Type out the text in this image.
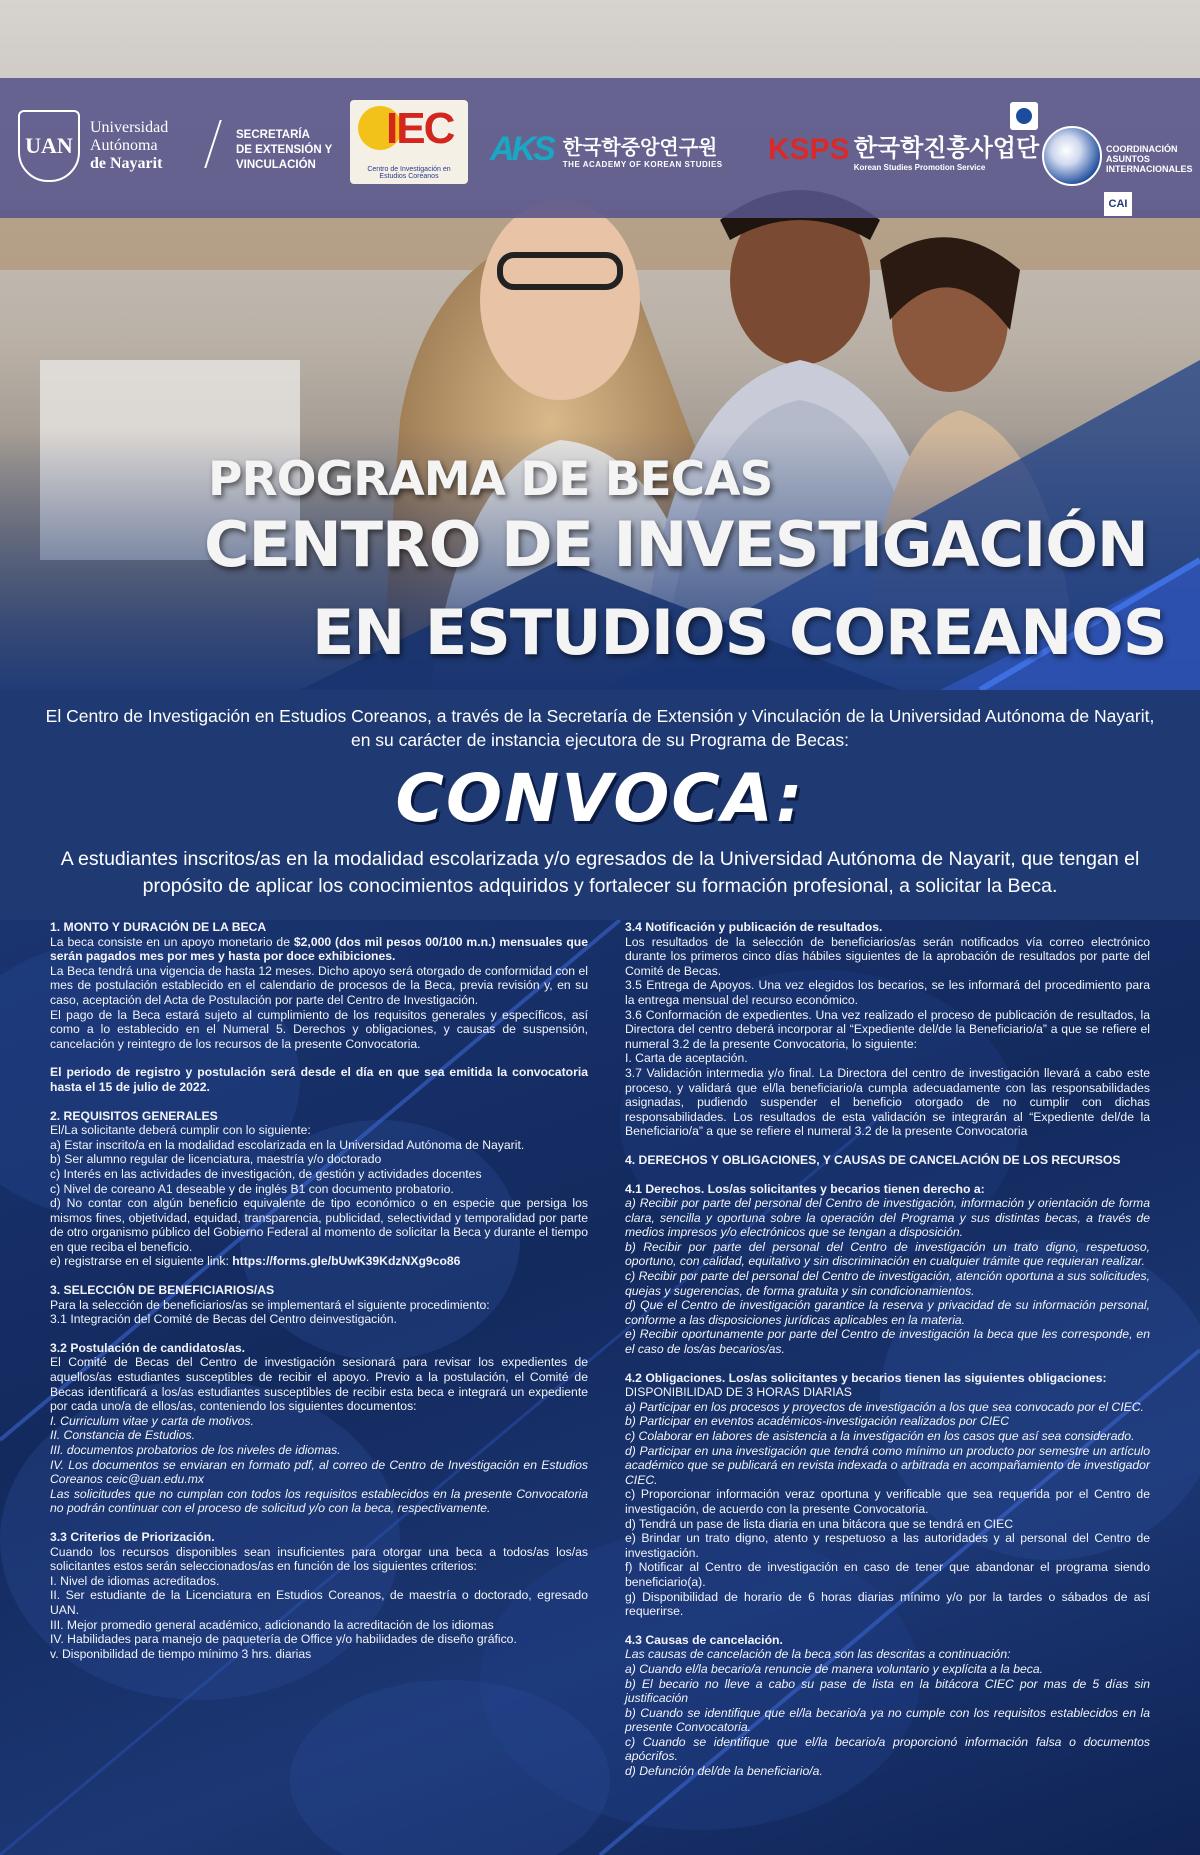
UAN
Universidad
Autónoma
de Nayarit
SECRETARÍA
DE EXTENSIÓN Y
VINCULACIÓN
IEC
Centro de Investigación en Estudios Coreanos
AKS 한국학중앙연구원
THE ACADEMY OF KOREAN STUDIES KSPS 한국학진흥사업단
Korean Studies Promotion Service
COORDINACIÓN
ASUNTOS
INTERNACIONALES
CAI
PROGRAMA DE BECAS
CENTRO DE INVESTIGACIÓN
EN ESTUDIOS COREANOS
El Centro de Investigación en Estudios Coreanos, a través de la Secretaría de Extensión y Vinculación de la Universidad Autónoma de Nayarit, en su carácter de instancia ejecutora de su Programa de Becas:
CONVOCA:
A estudiantes inscritos/as en la modalidad escolarizada y/o egresados de la Universidad Autónoma de Nayarit, que tengan el propósito de aplicar los conocimientos adquiridos y fortalecer su formación profesional, a solicitar la Beca.

1. MONTO Y DURACIÓN DE LA BECA

La beca consiste en un apoyo monetario de $2,000 (dos mil pesos 00/100 m.n.) mensuales que serán pagados mes por mes y hasta por doce exhibiciones.

La Beca tendrá una vigencia de hasta 12 meses. Dicho apoyo será otorgado de conformidad con el mes de postulación establecido en el calendario de procesos de la Beca, previa revisión y, en su caso, aceptación del Acta de Postulación por parte del Centro de Investigación.

El pago de la Beca estará sujeto al cumplimiento de los requisitos generales y específicos, así como a lo establecido en el Numeral 5. Derechos y obligaciones, y causas de suspensión, cancelación y reintegro de los recursos de la presente Convocatoria.

El periodo de registro y postulación será desde el día en que sea emitida la convocatoria hasta el 15 de julio de 2022.

2. REQUISITOS GENERALES

El/La solicitante deberá cumplir con lo siguiente:

a) Estar inscrito/a en la modalidad escolarizada en la Universidad Autónoma de Nayarit.

b) Ser alumno regular de licenciatura, maestría y/o doctorado

c) Interés en las actividades de investigación, de gestión y actividades docentes

c) Nivel de coreano A1 deseable y de inglés B1 con documento probatorio.

d) No contar con algún beneficio equivalente de tipo económico o en especie que persiga los mismos fines, objetividad, equidad, transparencia, publicidad, selectividad y temporalidad por parte de otro organismo público del Gobierno Federal al momento de solicitar la Beca y durante el tiempo en que reciba el beneficio.

e) registrarse en el siguiente link: https://forms.gle/bUwK39KdzNXg9co86

3. SELECCIÓN DE BENEFICIARIOS/AS

Para la selección de beneficiarios/as se implementará el siguiente procedimiento:

3.1 Integración del Comité de Becas del Centro deinvestigación.

3.2 Postulación de candidatos/as.

El Comité de Becas del Centro de investigación sesionará para revisar los expedientes de aquellos/as estudiantes susceptibles de recibir el apoyo. Previo a la postulación, el Comité de Becas identificará a los/as estudiantes susceptibles de recibir esta beca e integrará un expediente por cada uno/a de ellos/as, conteniendo los siguientes documentos:

I. Curriculum vitae y carta de motivos.

II. Constancia de Estudios.

III. documentos probatorios de los niveles de idiomas.

IV. Los documentos se enviaran en formato pdf, al correo de Centro de Investigación en Estudios Coreanos ceic@uan.edu.mx

Las solicitudes que no cumplan con todos los requisitos establecidos en la presente Convocatoria no podrán continuar con el proceso de solicitud y/o con la beca, respectivamente.

3.3 Criterios de Priorización.

Cuando los recursos disponibles sean insuficientes para otorgar una beca a todos/as los/as solicitantes estos serán seleccionados/as en función de los siguientes criterios:

I. Nivel de idiomas acreditados.

II. Ser estudiante de la Licenciatura en Estudios Coreanos, de maestría o doctorado, egresado UAN.

III. Mejor promedio general académico, adicionando la acreditación de los idiomas

IV. Habilidades para manejo de paquetería de Office y/o habilidades de diseño gráfico.

v. Disponibilidad de tiempo mínimo 3 hrs. diarias

3.4 Notificación y publicación de resultados.

Los resultados de la selección de beneficiarios/as serán notificados vía correo electrónico durante los primeros cinco días hábiles siguientes de la aprobación de resultados por parte del Comité de Becas.

3.5 Entrega de Apoyos. Una vez elegidos los becarios, se les informará del procedimiento para la entrega mensual del recurso económico.

3.6 Conformación de expedientes. Una vez realizado el proceso de publicación de resultados, la Directora del centro deberá incorporar al “Expediente del/de la Beneficiario/a” a que se refiere el numeral 3.2 de la presente Convocatoria, lo siguiente:

I. Carta de aceptación.

3.7 Validación intermedia y/o final. La Directora del centro de investigación llevará a cabo este proceso, y validará que el/la beneficiario/a cumpla adecuadamente con las responsabilidades asignadas, pudiendo suspender el beneficio otorgado de no cumplir con dichas responsabilidades. Los resultados de esta validación se integrarán al “Expediente del/de la Beneficiario/a” a que se refiere el numeral 3.2 de la presente Convocatoria

4. DERECHOS Y OBLIGACIONES, Y CAUSAS DE CANCELACIÓN DE LOS RECURSOS

4.1 Derechos. Los/as solicitantes y becarios tienen derecho a:

a) Recibir por parte del personal del Centro de investigación, información y orientación de forma clara, sencilla y oportuna sobre la operación del Programa y sus distintas becas, a través de medios impresos y/o electrónicos que se tengan a disposición.

b) Recibir por parte del personal del Centro de investigación un trato digno, respetuoso, oportuno, con calidad, equitativo y sin discriminación en cualquier trámite que requieran realizar.

c) Recibir por parte del personal del Centro de investigación, atención oportuna a sus solicitudes, quejas y sugerencias, de forma gratuita y sin condicionamientos.

d) Que el Centro de investigación garantice la reserva y privacidad de su información personal, conforme a las disposiciones jurídicas aplicables en la materia.

e) Recibir oportunamente por parte del Centro de investigación la beca que les corresponde, en el caso de los/as becarios/as.

4.2 Obligaciones. Los/as solicitantes y becarios tienen las siguientes obligaciones:

DISPONIBILIDAD DE 3 HORAS DIARIAS

a) Participar en los procesos y proyectos de investigación a los que sea convocado por el CIEC.

b) Participar en eventos académicos-investigación realizados por CIEC

c) Colaborar en labores de asistencia a la investigación en los casos que así sea considerado.

d) Participar en una investigación que tendrá como mínimo un producto por semestre un artículo académico que se publicará en revista indexada o arbitrada en acompañamiento de investigador CIEC.

c) Proporcionar información veraz oportuna y verificable que sea requerida por el Centro de investigación, de acuerdo con la presente Convocatoria.

d) Tendrá un pase de lista diaria en una bitácora que se tendrá en CIEC

e) Brindar un trato digno, atento y respetuoso a las autoridades y al personal del Centro de investigación.

f) Notificar al Centro de investigación en caso de tener que abandonar el programa siendo beneficiario(a).

g) Disponibilidad de horario de 6 horas diarias mínimo y/o por la tardes o sábados de así requerirse.

4.3 Causas de cancelación.

Las causas de cancelación de la beca son las descritas a continuación:

a) Cuando el/la becario/a renuncie de manera voluntario y explícita a la beca.

b) El becario no lleve a cabo su pase de lista en la bitácora CIEC por mas de 5 días sin justificación

b) Cuando se identifique que el/la becario/a ya no cumple con los requisitos establecidos en la presente Convocatoria.

c) Cuando se identifique que el/la becario/a proporcionó información falsa o documentos apócrifos.

d) Defunción del/de la beneficiario/a.
